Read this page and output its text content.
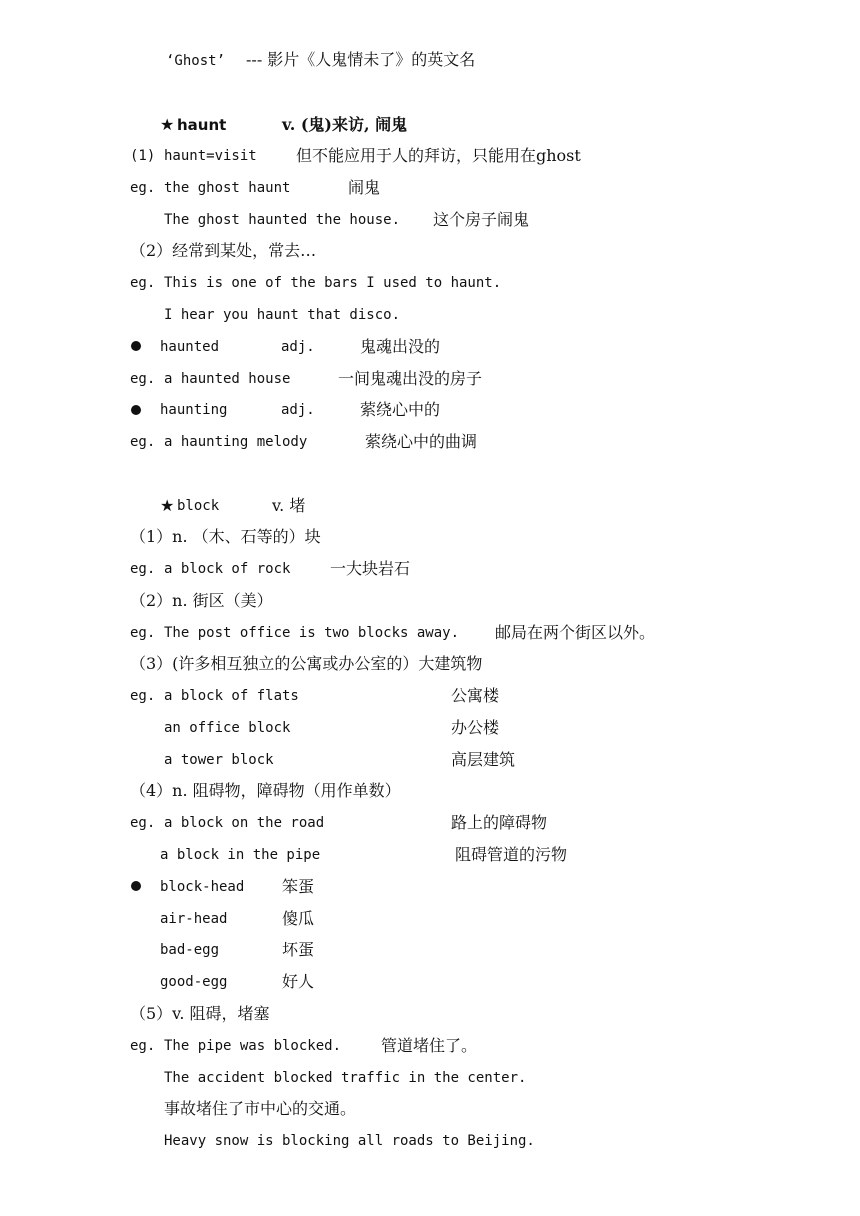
‘Ghost’ --- 影片《人鬼情未了》的英文名
★ haunt	v. (鬼)来访, 闹鬼
(1) haunt=visit 但不能应用于人的拜访，只能用在ghost
eg. the ghost haunt	闹鬼
The ghost haunted the house. 这个房子闹鬼
（2）经常到某处，常去…
eg. This is one of the bars I used to haunt.
I hear you haunt that disco.
haunted	adj.	鬼魂出没的
eg. a haunted house	一间鬼魂出没的房子
haunting	adj.	萦绕心中的
eg. a haunting melody	萦绕心中的曲调
★ block	v. 堵
（1）n. （木、石等的）块
eg. a block of rock 一大块岩石
（2）n. 街区（美）
eg. The post office is two blocks away. 邮局在两个街区以外。
（3）(许多相互独立的公寓或办公室的）大建筑物
eg. a block of flats	公寓楼
an office block	办公楼
a tower block	高层建筑
（4）n. 阻碍物，障碍物（用作单数）
eg. a block on the road	路上的障碍物
a block in the pipe	阻碍管道的污物
block-head 笨蛋
air-head	傻瓜
bad-egg	坏蛋
good-egg	好人
（5）v. 阻碍，堵塞
eg. The pipe was blocked. 管道堵住了。
The accident blocked traffic in the center.
事故堵住了市中心的交通。
Heavy snow is blocking all roads to Beijing.
